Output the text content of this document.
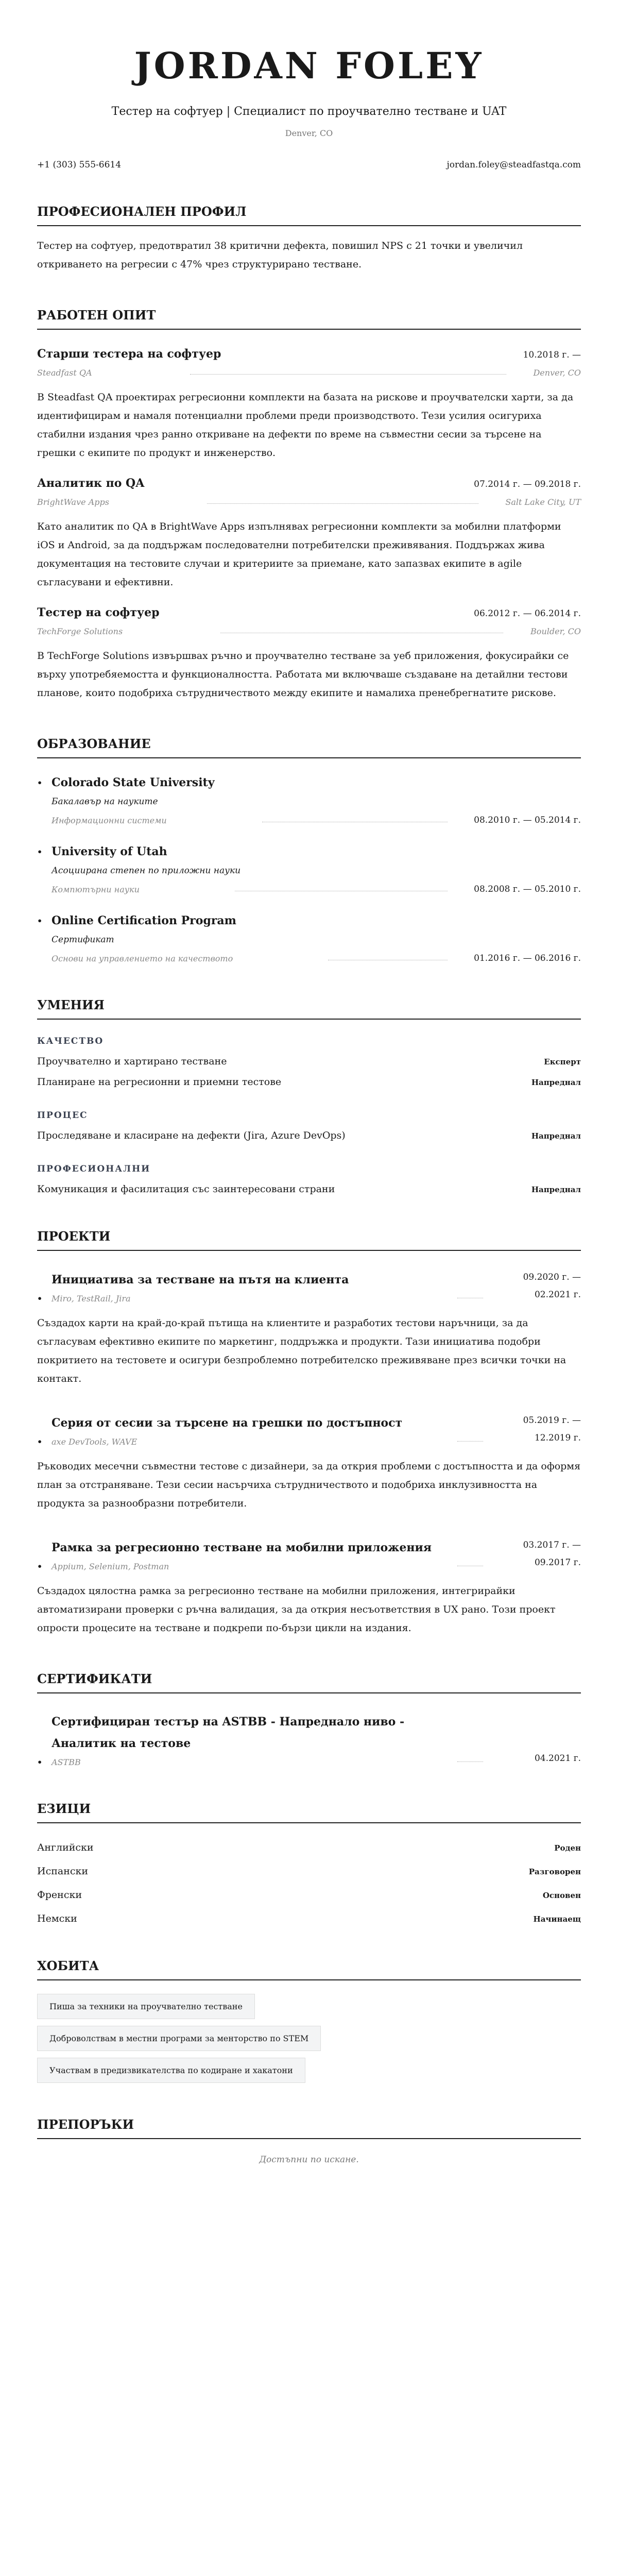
JORDAN FOLEY
Тестер на софтуер | Специалист по проучвателно тестване и UAT
Denver, CO
+1 (303) 555-6614	jordan.foley@steadfastqa.com
ПРОФЕСИОНАЛЕН ПРОФИЛ
Тестер на софтуер, предотвратил 38 критични дефекта, повишил NPS с 21 точки и увеличил откриването на регресии с 47% чрез структурирано тестване.
РАБОТЕН ОПИТ
Старши тестера на софтуер	10.2018 г. —
Steadfast QA	Denver, CO
В Steadfast QA проектирах регресионни комплекти на базата на рискове и проучвателски харти, за да идентифицирам и намаля потенциални проблеми преди производството. Тези усилия осигуриха стабилни издания чрез ранно откриване на дефекти по време на съвместни сесии за търсене на грешки с екипите по продукт и инженерство.
Аналитик по QA	07.2014 г. — 09.2018 г.
BrightWave Apps	Salt Lake City, UT
Като аналитик по QA в BrightWave Apps изпълнявах регресионни комплекти за мобилни платформи iOS и Android, за да поддържам последователни потребителски преживявания. Поддържах жива документация на тестовите случаи и критериите за приемане, като запазвах екипите в agile съгласувани и ефективни.
Тестер на софтуер	06.2012 г. — 06.2014 г.
TechForge Solutions	Boulder, CO
В TechForge Solutions извършвах ръчно и проучвателно тестване за уеб приложения, фокусирайки се върху употребяемостта и функционалността. Работата ми включваше създаване на детайлни тестови планове, които подобриха сътрудничеството между екипите и намалиха пренебрегнатите рискове.
ОБРАЗОВАНИЕ
• Colorado State University
Бакалавър на науките
Информационни системи	08.2010 г. — 05.2014 г.
• University of Utah
Асоциирана степен по приложни науки
Компютърни науки	08.2008 г. — 05.2010 г.
• Online Certification Program
Сертификат
Основи на управлението на качеството	01.2016 г. — 06.2016 г.
УМЕНИЯ
КАЧЕСТВО
Проучвателно и хартирано тестване	Експерт
Планиране на регресионни и приемни тестове	Напреднал
ПРОЦЕС
Проследяване и класиране на дефекти (Jira, Azure DevOps)	Напреднал
ПРОФЕСИОНАЛНИ
Комуникация и фасилитация със заинтересовани страни	Напреднал
ПРОЕКТИ
•
Инициатива за тестване на пътя на клиента
Miro, TestRail, Jira
09.2020 г. — 02.2021 г.
Създадох карти на край-до-край пътища на клиентите и разработих тестови наръчници, за да съгласувам ефективно екипите по маркетинг, поддръжка и продукти. Тази инициатива подобри покритието на тестовете и осигури безпроблемно потребителско преживяване през всички точки на контакт.
•
Серия от сесии за търсене на грешки по достъпност
axe DevTools, WAVE
05.2019 г. — 12.2019 г.
Ръководих месечни съвместни тестове с дизайнери, за да открия проблеми с достъпността и да оформя план за отстраняване. Тези сесии насърчиха сътрудничеството и подобриха инклузивността на продукта за разнообразни потребители.
•
Рамка за регресионно тестване на мобилни приложения
Appium, Selenium, Postman
03.2017 г. — 09.2017 г.
Създадох цялостна рамка за регресионно тестване на мобилни приложения, интегрирайки автоматизирани проверки с ръчна валидация, за да открия несъответствия в UX рано. Този проект опрости процесите на тестване и подкрепи по-бързи цикли на издания.
СЕРТИФИКАТИ
•
Сертифициран тестър на ASTBB - Напреднало ниво - Аналитик на тестове
ASTBB	04.2021 г.
ЕЗИЦИ
Английски	Роден
Испански	Разговорен
Френски	Основен
Немски	Начинаещ
ХОБИТА
Пиша за техники на проучвателно тестване
Доброволствам в местни програми за менторство по STEM
Участвам в предизвикателства по кодиране и хакатони
ПРЕПОРЪКИ
Достъпни по искане.
